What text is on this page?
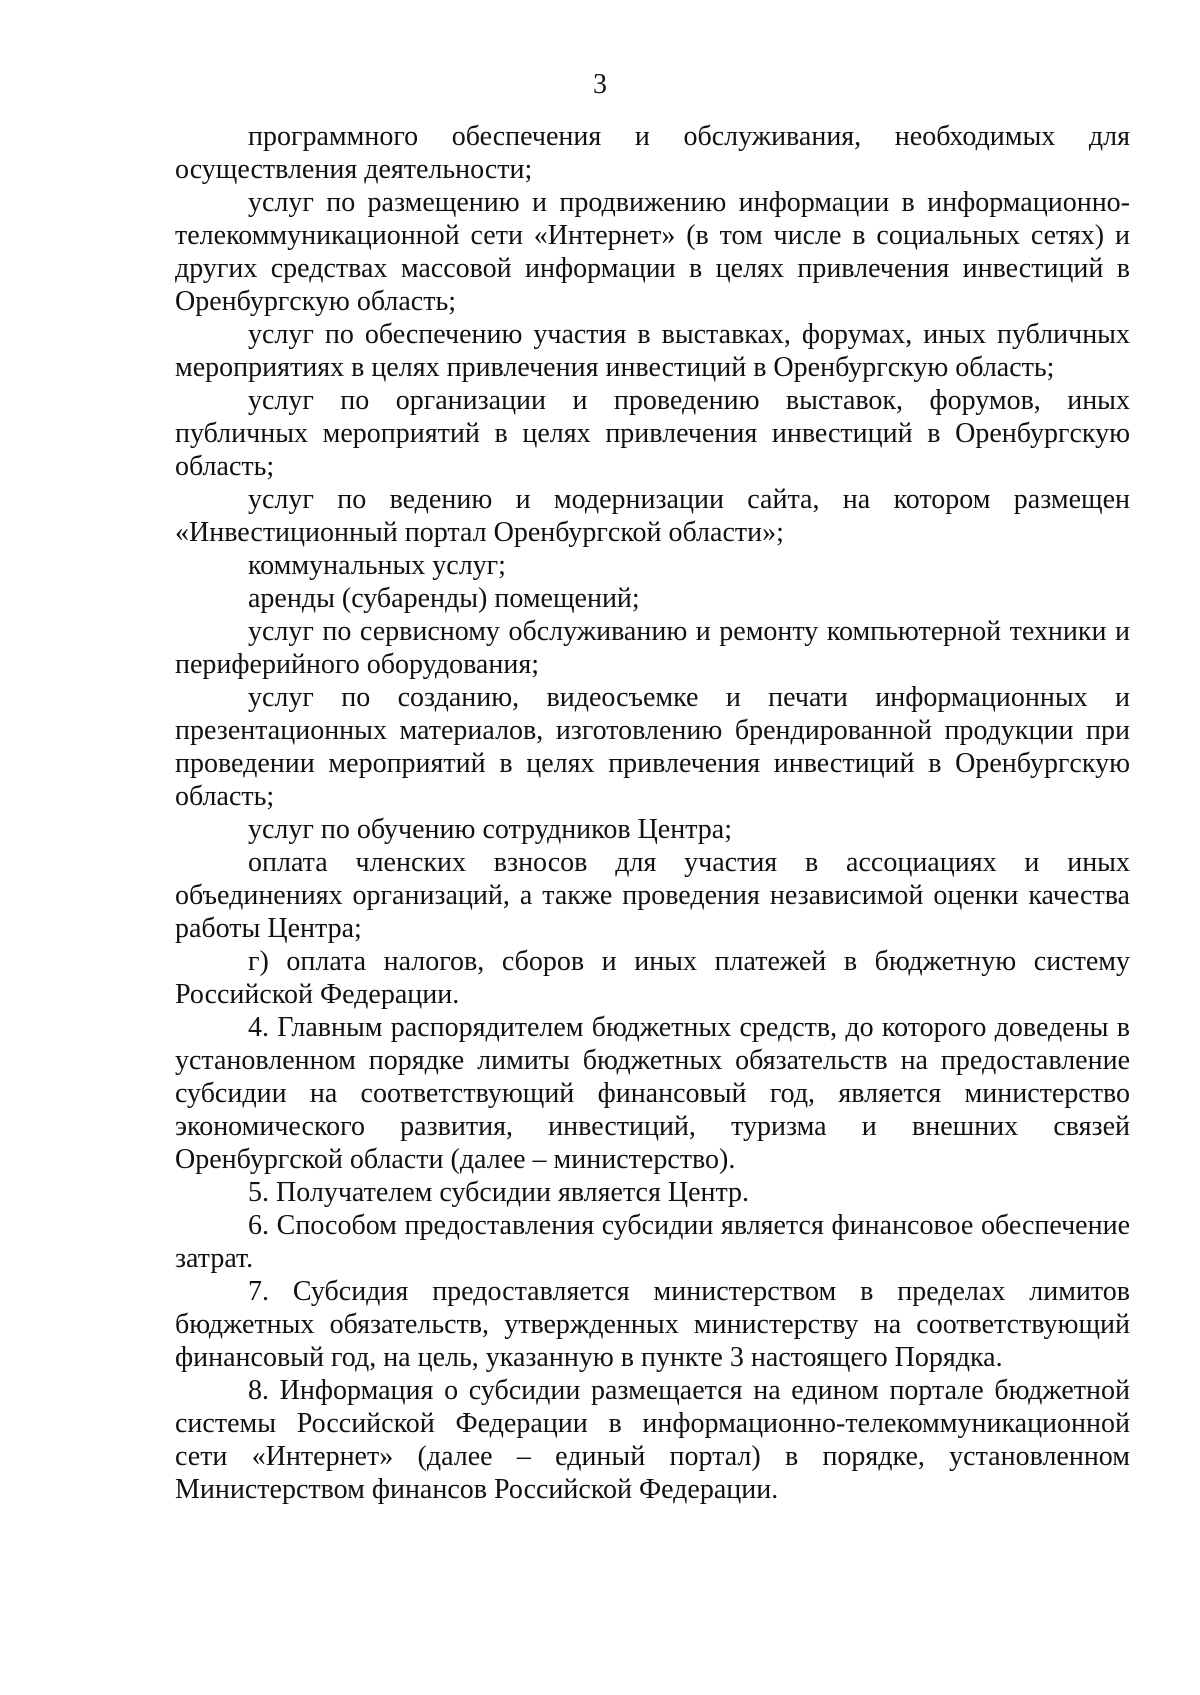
3

программного обеспечения и обслуживания, необходимых для осуществления деятельности;

услуг по размещению и продвижению информации в информационно-телекоммуникационной сети «Интернет» (в том числе в социальных сетях) и других средствах массовой информации в целях привлечения инвестиций в Оренбургскую область;

услуг по обеспечению участия в выставках, форумах, иных публичных мероприятиях в целях привлечения инвестиций в Оренбургскую область;

услуг по организации и проведению выставок, форумов, иных публичных мероприятий в целях привлечения инвестиций в Оренбургскую область;

услуг по ведению и модернизации сайта, на котором размещен «Инвестиционный портал Оренбургской области»;

коммунальных услуг;

аренды (субаренды) помещений;

услуг по сервисному обслуживанию и ремонту компьютерной техники и периферийного оборудования;

услуг по созданию, видеосъемке и печати информационных и презентационных материалов, изготовлению брендированной продукции при проведении мероприятий в целях привлечения инвестиций в Оренбургскую область;

услуг по обучению сотрудников Центра;

оплата членских взносов для участия в ассоциациях и иных объединениях организаций, а также проведения независимой оценки качества работы Центра;

г) оплата налогов, сборов и иных платежей в бюджетную систему Российской Федерации.

4. Главным распорядителем бюджетных средств, до которого доведены в установленном порядке лимиты бюджетных обязательств на предоставление субсидии на соответствующий финансовый год, является министерство экономического развития, инвестиций, туризма и внешних связей Оренбургской области (далее – министерство).

5. Получателем субсидии является Центр.

6. Способом предоставления субсидии является финансовое обеспечение затрат.

7. Субсидия предоставляется министерством в пределах лимитов бюджетных обязательств, утвержденных министерству на соответствующий финансовый год, на цель, указанную в пункте 3 настоящего Порядка.

8. Информация о субсидии размещается на едином портале бюджетной системы Российской Федерации в информационно-телекоммуникационной сети «Интернет» (далее – единый портал) в порядке, установленном Министерством финансов Российской Федерации.
